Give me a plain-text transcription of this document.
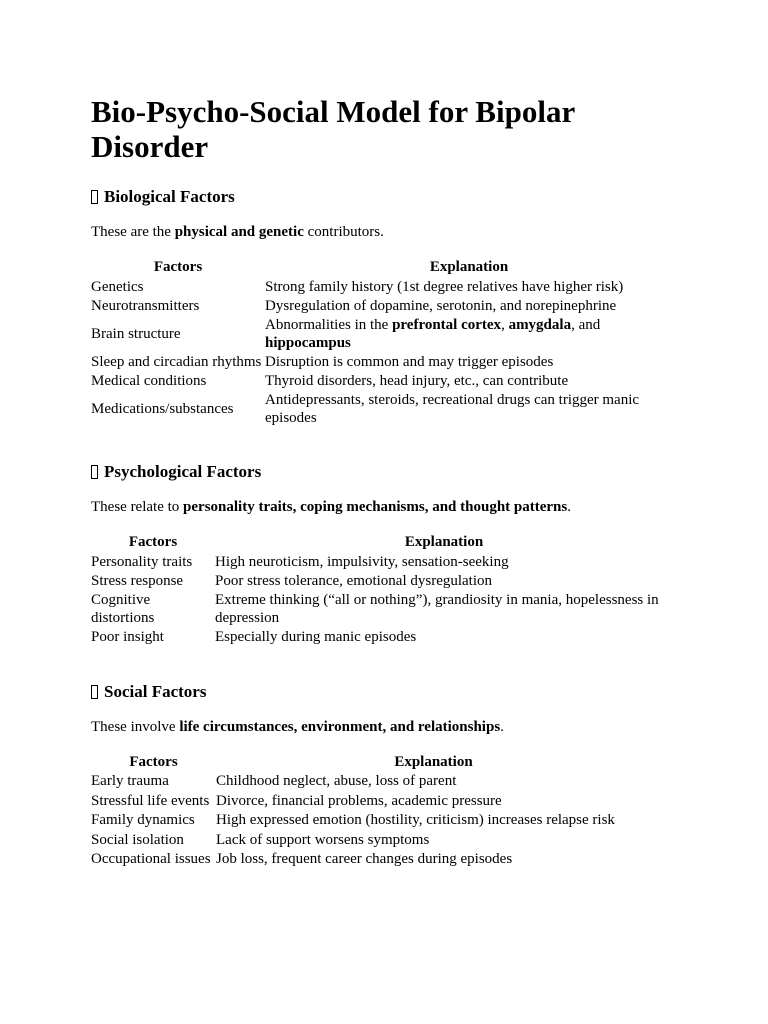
Bio-Psycho-Social Model for Bipolar Disorder
Biological Factors

These are the physical and genetic contributors.

Factors	Explanation
Genetics	Strong family history (1st degree relatives have higher risk)
Neurotransmitters	Dysregulation of dopamine, serotonin, and norepinephrine
Brain structure	Abnormalities in the prefrontal cortex, amygdala, and hippocampus
Sleep and circadian rhythms	Disruption is common and may trigger episodes
Medical conditions	Thyroid disorders, head injury, etc., can contribute
Medications/substances	Antidepressants, steroids, recreational drugs can trigger manic episodes
Psychological Factors

These relate to personality traits, coping mechanisms, and thought patterns.

Factors	Explanation
Personality traits	High neuroticism, impulsivity, sensation-seeking
Stress response	Poor stress tolerance, emotional dysregulation
Cognitive distortions	Extreme thinking (“all or nothing”), grandiosity in mania, hopelessness in depression
Poor insight	Especially during manic episodes
Social Factors

These involve life circumstances, environment, and relationships.

Factors	Explanation
Early trauma	Childhood neglect, abuse, loss of parent
Stressful life events	Divorce, financial problems, academic pressure
Family dynamics	High expressed emotion (hostility, criticism) increases relapse risk
Social isolation	Lack of support worsens symptoms
Occupational issues	Job loss, frequent career changes during episodes
